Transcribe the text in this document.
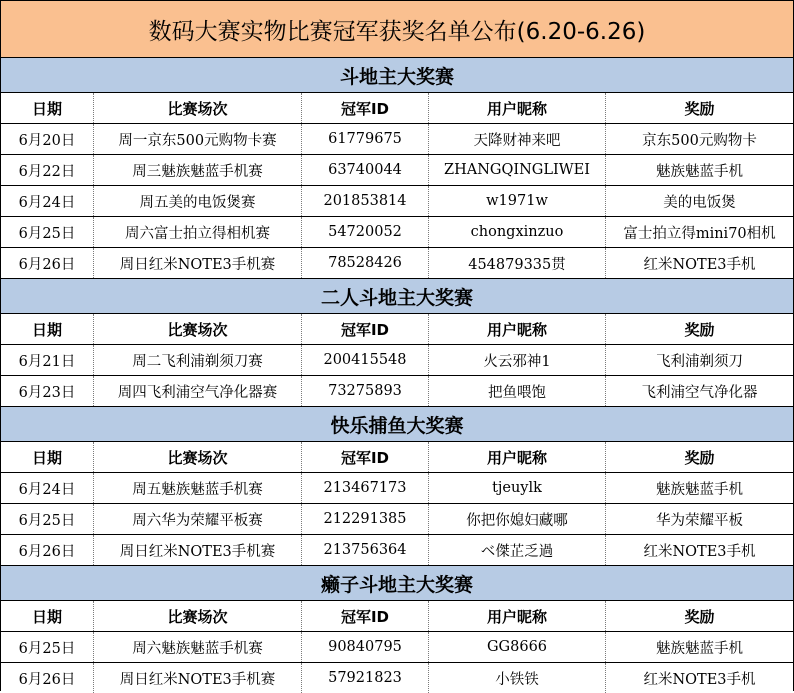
数码大赛实物比赛冠军获奖名单公布(6.20-6.26)
斗地主大奖赛
日期	比赛场次	冠军ID	用户昵称	奖励
6月20日	周一京东500元购物卡赛	61779675	天降财神来吧	京东500元购物卡
6月22日	周三魅族魅蓝手机赛	63740044	ZHANGQINGLIWEI	魅族魅蓝手机
6月24日	周五美的电饭煲赛	201853814	w1971w	美的电饭煲
6月25日	周六富士拍立得相机赛	54720052	chongxinzuo	富士拍立得mini70相机
6月26日	周日红米NOTE3手机赛	78528426	454879335贯	红米NOTE3手机
二人斗地主大奖赛
日期	比赛场次	冠军ID	用户昵称	奖励
6月21日	周二飞利浦剃须刀赛	200415548	火云邪神1	飞利浦剃须刀
6月23日	周四飞利浦空气净化器赛	73275893	把鱼喂饱	飞利浦空气净化器
快乐捕鱼大奖赛
日期	比赛场次	冠军ID	用户昵称	奖励
6月24日	周五魅族魅蓝手机赛	213467173	tjeuylk	魅族魅蓝手机
6月25日	周六华为荣耀平板赛	212291385	你把你媳妇藏哪	华为荣耀平板
6月26日	周日红米NOTE3手机赛	213756364	ベ傑芷乏過	红米NOTE3手机
癞子斗地主大奖赛
日期	比赛场次	冠军ID	用户昵称	奖励
6月25日	周六魅族魅蓝手机赛	90840795	GG8666	魅族魅蓝手机
6月26日	周日红米NOTE3手机赛	57921823	小铁铁	红米NOTE3手机
